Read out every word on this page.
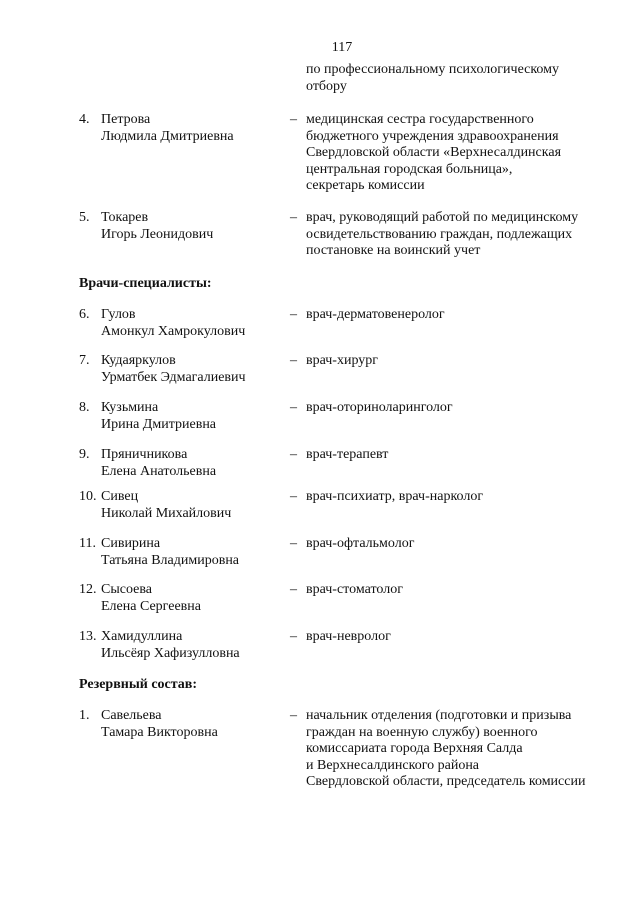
117
по профессиональному психологическому
отбору
4. Петрова
Людмила Дмитриевна
– медицинская сестра государственного
бюджетного учреждения здравоохранения
Свердловской области «Верхнесалдинская
центральная городская больница»,
секретарь комиссии
5. Токарев
Игорь Леонидович
– врач, руководящий работой по медицинскому
освидетельствованию граждан, подлежащих
постановке на воинский учет
Врачи-специалисты:
6. Гулов
Амонкул Хамрокулович
– врач-дерматовенеролог
7. Кудаяркулов
Урматбек Эдмагалиевич
– врач-хирург
8. Кузьмина
Ирина Дмитриевна
– врач-оториноларинголог
9. Пряничникова
Елена Анатольевна
– врач-терапевт
10. Сивец
Николай Михайлович
– врач-психиатр, врач-нарколог
11. Сивирина
Татьяна Владимировна
– врач-офтальмолог
12. Сысоева
Елена Сергеевна
– врач-стоматолог
13. Хамидуллина
Ильсёяр Хафизулловна
– врач-невролог
Резервный состав:
1. Савельева
Тамара Викторовна
– начальник отделения (подготовки и призыва
граждан на военную службу) военного
комиссариата города Верхняя Салда
и Верхнесалдинского района
Свердловской области, председатель комиссии
